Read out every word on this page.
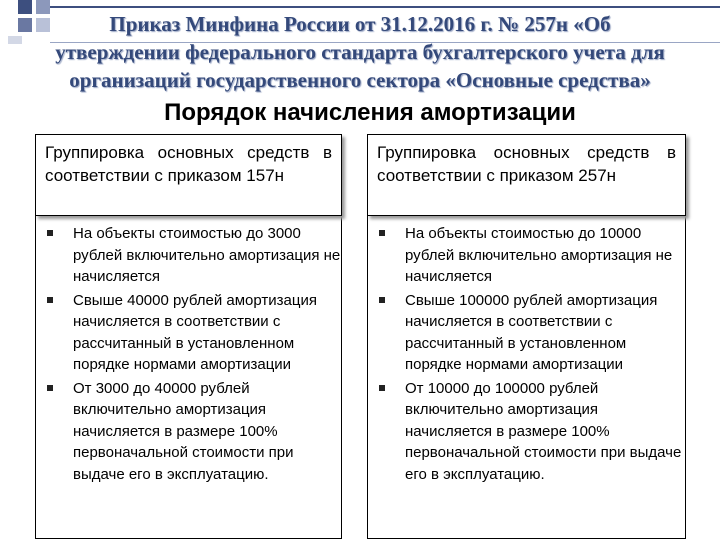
Приказ Минфина России от 31.12.2016 г. № 257н «Об
утверждении федерального стандарта бухгалтерского учета для
организаций государственного сектора «Основные средства»
Порядок начисления амортизации
Группировка основных средств в соответствии с приказом 157н
На объекты стоимостью до 3000 рублей включительно амортизация не начисляется
Свыше 40000 рублей амортизация начисляется в соответствии с рассчитанный в установленном порядке нормами амортизации
От 3000 до 40000 рублей включительно амортизация начисляется в размере 100% первоначальной стоимости при выдаче его в эксплуатацию.
Группировка основных средств в соответствии с приказом 257н
На объекты стоимостью до 10000 рублей включительно амортизация не начисляется
Свыше 100000 рублей амортизация начисляется в соответствии с рассчитанный в установленном порядке нормами амортизации
От 10000 до 100000 рублей включительно амортизация начисляется в размере 100% первоначальной стоимости при выдаче его в эксплуатацию.
